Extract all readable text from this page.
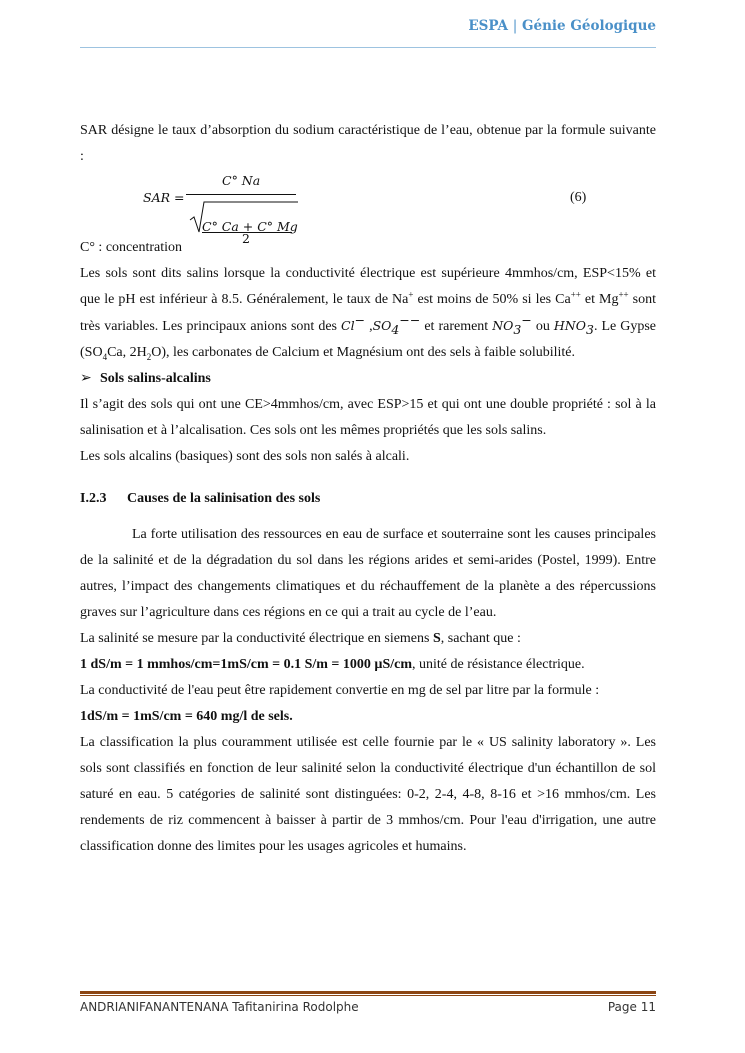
ESPA | Génie Géologique

SAR désigne le taux d’absorption du sodium caractéristique de l’eau, obtenue par la formule suivante :

SAR =
C° Na
C° Ca + C° Mg
2
(6)

C° : concentration

Les sols sont dits salins lorsque la conductivité électrique est supérieure 4mmhos/cm, ESP<15% et que le pH est inférieur à 8.5. Généralement, le taux de Na+ est moins de 50% si les Ca++ et Mg++ sont très variables. Les principaux anions sont des Cl− $,SO_4^{--}$ et rarement $NO_3^-$ ou $HNO_3$. Le Gypse ($SO_4Ca$, $2H_2O$), les carbonates de Calcium et Magnésium ont des sels à faible solubilité.

➢ Sols salins-alcalins

Il s’agit des sols qui ont une CE>4mmhos/cm, avec ESP>15 et qui ont une double propriété : sol à la salinisation et à l’alcalisation. Ces sols ont les mêmes propriétés que les sols salins.

Les sols alcalins (basiques) sont des sols non salés à alcali.

I.2.3 Causes de la salinisation des sols

La forte utilisation des ressources en eau de surface et souterraine sont les causes principales de la salinité et de la dégradation du sol dans les régions arides et semi-arides (Postel, 1999). Entre autres, l’impact des changements climatiques et du réchauffement de la planète a des répercussions graves sur l’agriculture dans ces régions en ce qui a trait au cycle de l’eau.

La salinité se mesure par la conductivité électrique en siemens S, sachant que :

1 dS/m = 1 mmhos/cm=1mS/cm = 0.1 S/m = 1000 µS/cm, unité de résistance électrique.

La conductivité de l'eau peut être rapidement convertie en mg de sel par litre par la formule :

1dS/m = 1mS/cm = 640 mg/l de sels.

La classification la plus couramment utilisée est celle fournie par le « US salinity laboratory ». Les sols sont classifiés en fonction de leur salinité selon la conductivité électrique d'un échantillon de sol saturé en eau. 5 catégories de salinité sont distinguées: 0-2, 2-4, 4-8, 8-16 et >16 mmhos/cm. Les rendements de riz commencent à baisser à partir de 3 mmhos/cm. Pour l'eau d'irrigation, une autre classification donne des limites pour les usages agricoles et humains.

ANDRIANIFANANTENANA Tafitanirina Rodolphe	Page 11
